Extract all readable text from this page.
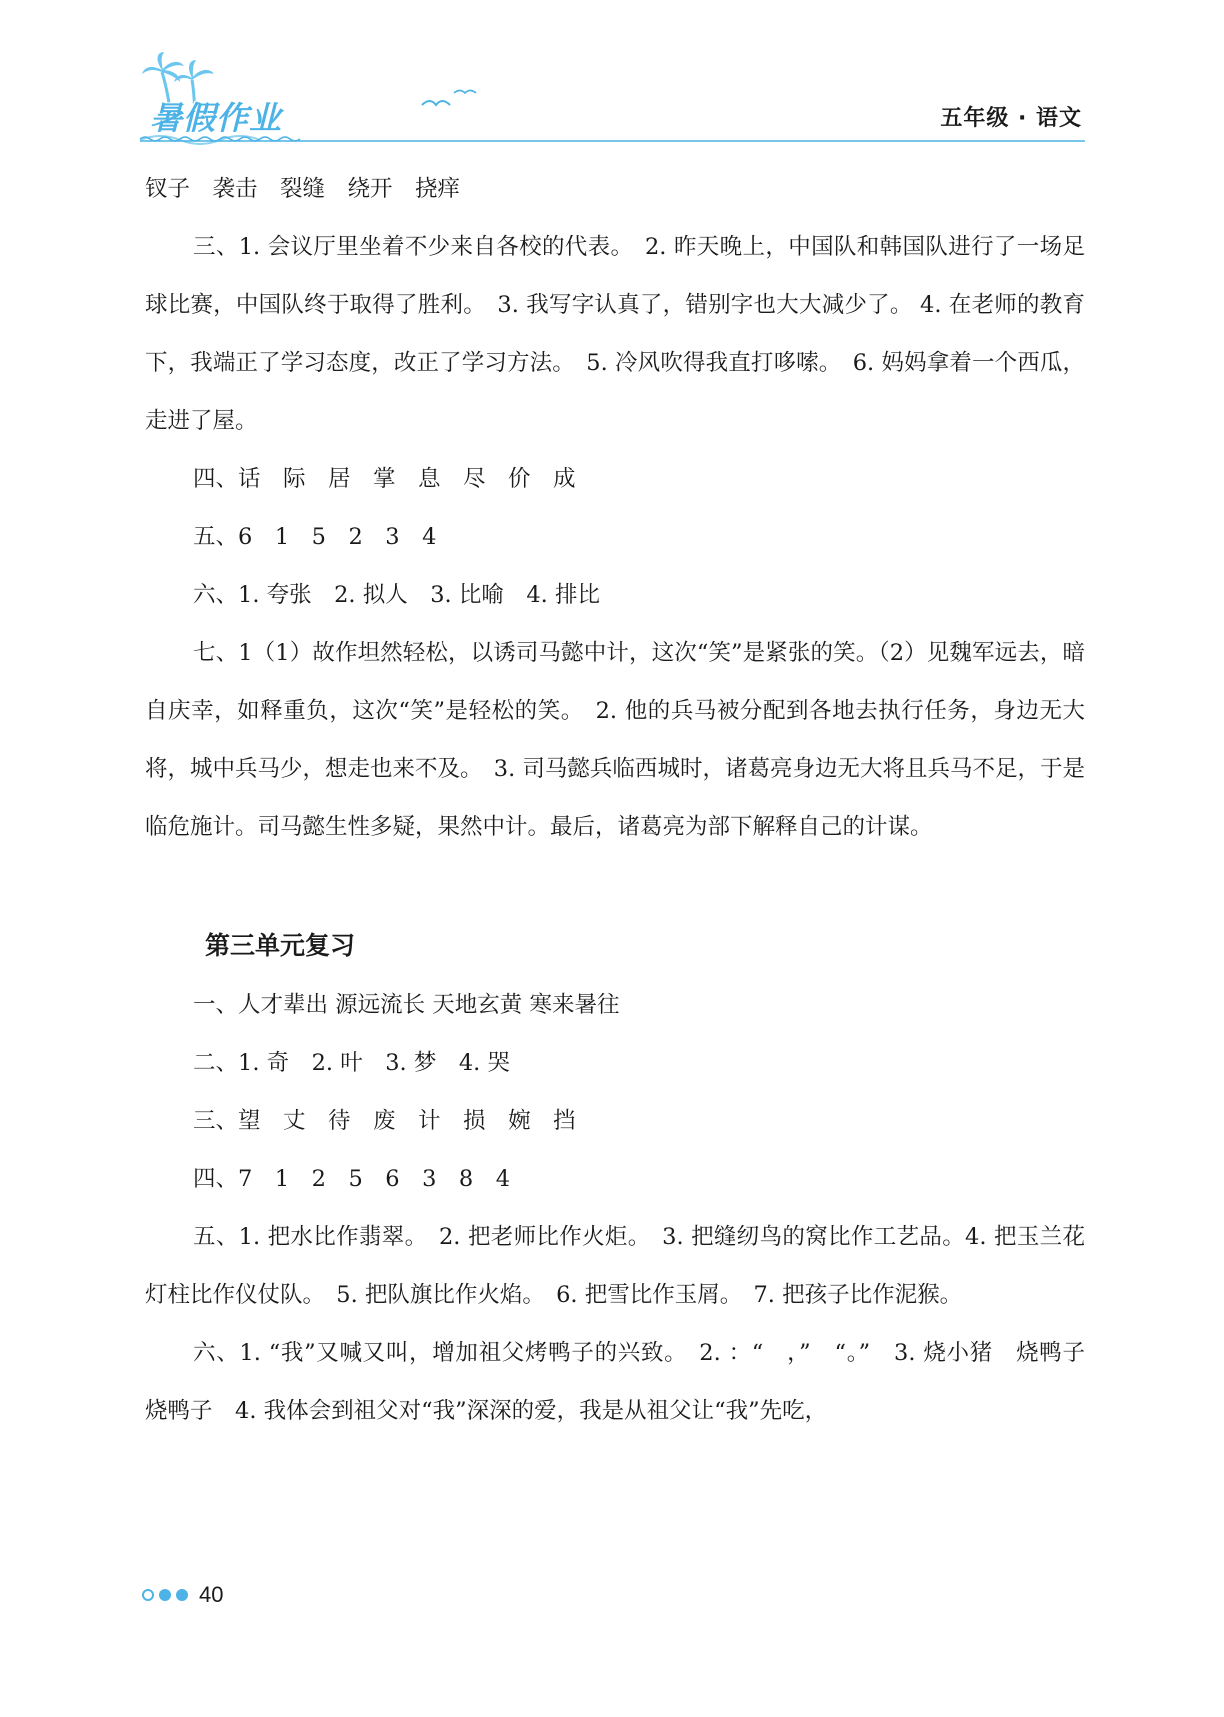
暑假作业	五年级 · 语文

钗子　袭击　裂缝　绕开　挠痒

三、1. 会议厅里坐着不少来自各校的代表。　2. 昨天晚上，中国队和韩国队进行了一场足球比赛，中国队终于取得了胜利。　3. 我写字认真了，错别字也大大减少了。 4. 在老师的教育下，我端正了学习态度，改正了学习方法。　5. 冷风吹得我直打哆嗦。　6. 妈妈拿着一个西瓜，走进了屋。

四、话　际　居　掌　息　尽　价　成

五、6　1　5　2　3　4

六、1. 夸张　2. 拟人　3. 比喻　4. 排比

七、1（1）故作坦然轻松，以诱司马懿中计，这次“笑”是紧张的笑。（2）见魏军远去，暗自庆幸，如释重负，这次“笑”是轻松的笑。　2. 他的兵马被分配到各地去执行任务，身边无大将，城中兵马少，想走也来不及。　3. 司马懿兵临西城时，诸葛亮身边无大将且兵马不足，于是临危施计。司马懿生性多疑，果然中计。最后，诸葛亮为部下解释自己的计谋。

第三单元复习

一、人才辈出 源远流长 天地玄黄 寒来暑往

二、1. 奇　2. 叶　3. 梦　4. 哭

三、望　丈　待　废　计　损　婉　挡

四、7　1　2　5　6　3　8　4

五、1. 把水比作翡翠。　2. 把老师比作火炬。　3. 把缝纫鸟的窝比作工艺品。4. 把玉兰花灯柱比作仪仗队。　5. 把队旗比作火焰。　6. 把雪比作玉屑。　7. 把孩子比作泥猴。

六、1. “我”又喊又叫，增加祖父烤鸭子的兴致。　2. ：“　，”　“。”　3. 烧小猪　烧鸭子　烧鸭子　4. 我体会到祖父对“我”深深的爱，我是从祖父让“我”先吃，

40
